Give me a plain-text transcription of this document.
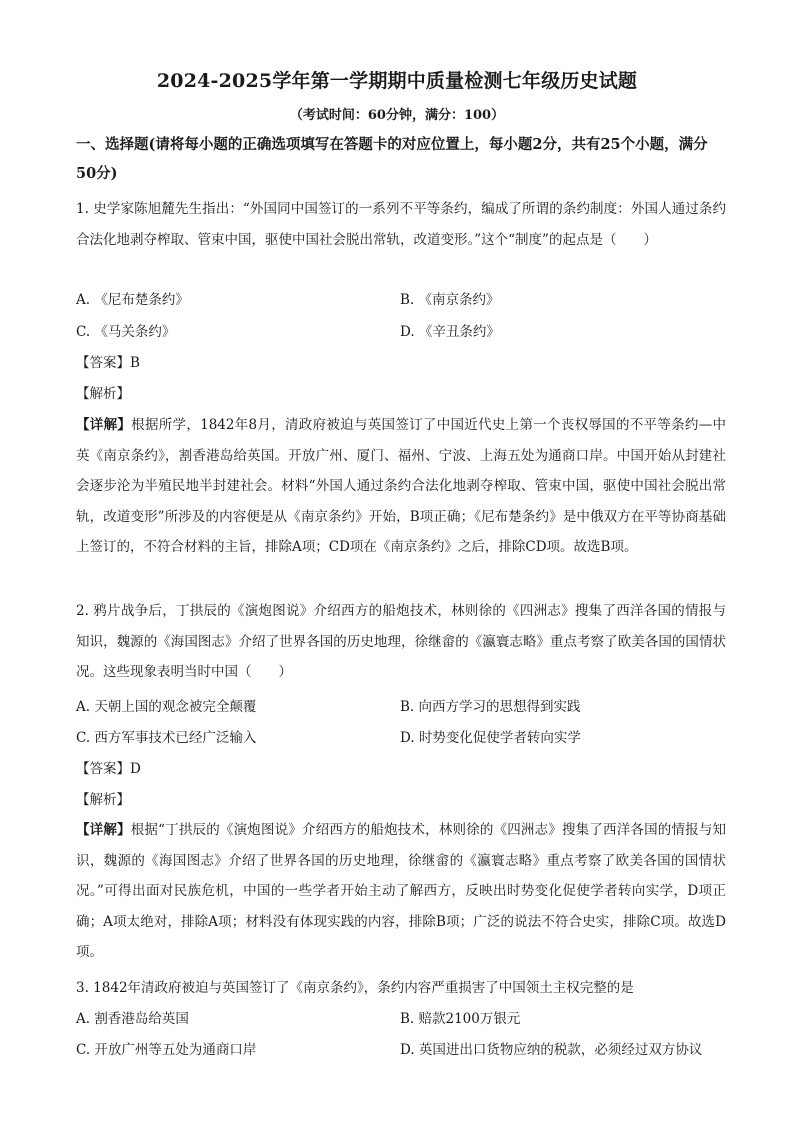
2024-2025学年第一学期期中质量检测七年级历史试题
（考试时间：60分钟，满分：100）
一、选择题(请将每小题的正确选项填写在答题卡的对应位置上，每小题2分，共有25个小题，满分50分)
1. 史学家陈旭麓先生指出：“外国同中国签订的一系列不平等条约，编成了所谓的条约制度：外国人通过条约合法化地剥夺榨取、管束中国，驱使中国社会脱出常轨，改道变形。”这个“制度”的起点是（　　）
A. 《尼布楚条约》	B. 《南京条约》
C. 《马关条约》	D. 《辛丑条约》
【答案】B
【解析】
【详解】根据所学，1842年8月，清政府被迫与英国签订了中国近代史上第一个丧权辱国的不平等条约—中英《南京条约》，割香港岛给英国。开放广州、厦门、福州、宁波、上海五处为通商口岸。中国开始从封建社会逐步沦为半殖民地半封建社会。材料“外国人通过条约合法化地剥夺榨取、管束中国，驱使中国社会脱出常轨，改道变形”所涉及的内容便是从《南京条约》开始，B项正确；《尼布楚条约》是中俄双方在平等协商基础上签订的，不符合材料的主旨，排除A项；CD项在《南京条约》之后，排除CD项。故选B项。
2. 鸦片战争后，丁拱辰的《演炮图说》介绍西方的船炮技术，林则徐的《四洲志》搜集了西洋各国的情报与知识，魏源的《海国图志》介绍了世界各国的历史地理，徐继畲的《瀛寰志略》重点考察了欧美各国的国情状况。这些现象表明当时中国（　　）
A. 天朝上国的观念被完全颠覆	B. 向西方学习的思想得到实践
C. 西方军事技术已经广泛输入	D. 时势变化促使学者转向实学
【答案】D
【解析】
【详解】根据“丁拱辰的《演炮图说》介绍西方的船炮技术，林则徐的《四洲志》搜集了西洋各国的情报与知识，魏源的《海国图志》介绍了世界各国的历史地理，徐继畲的《瀛寰志略》重点考察了欧美各国的国情状况。”可得出面对民族危机，中国的一些学者开始主动了解西方，反映出时势变化促使学者转向实学，D项正确；A项太绝对，排除A项；材料没有体现实践的内容，排除B项；广泛的说法不符合史实，排除C项。故选D项。
3. 1842年清政府被迫与英国签订了《南京条约》，条约内容严重损害了中国领土主权完整的是
A. 割香港岛给英国	B. 赔款2100万银元
C. 开放广州等五处为通商口岸	D. 英国进出口货物应纳的税款，必须经过双方协议
